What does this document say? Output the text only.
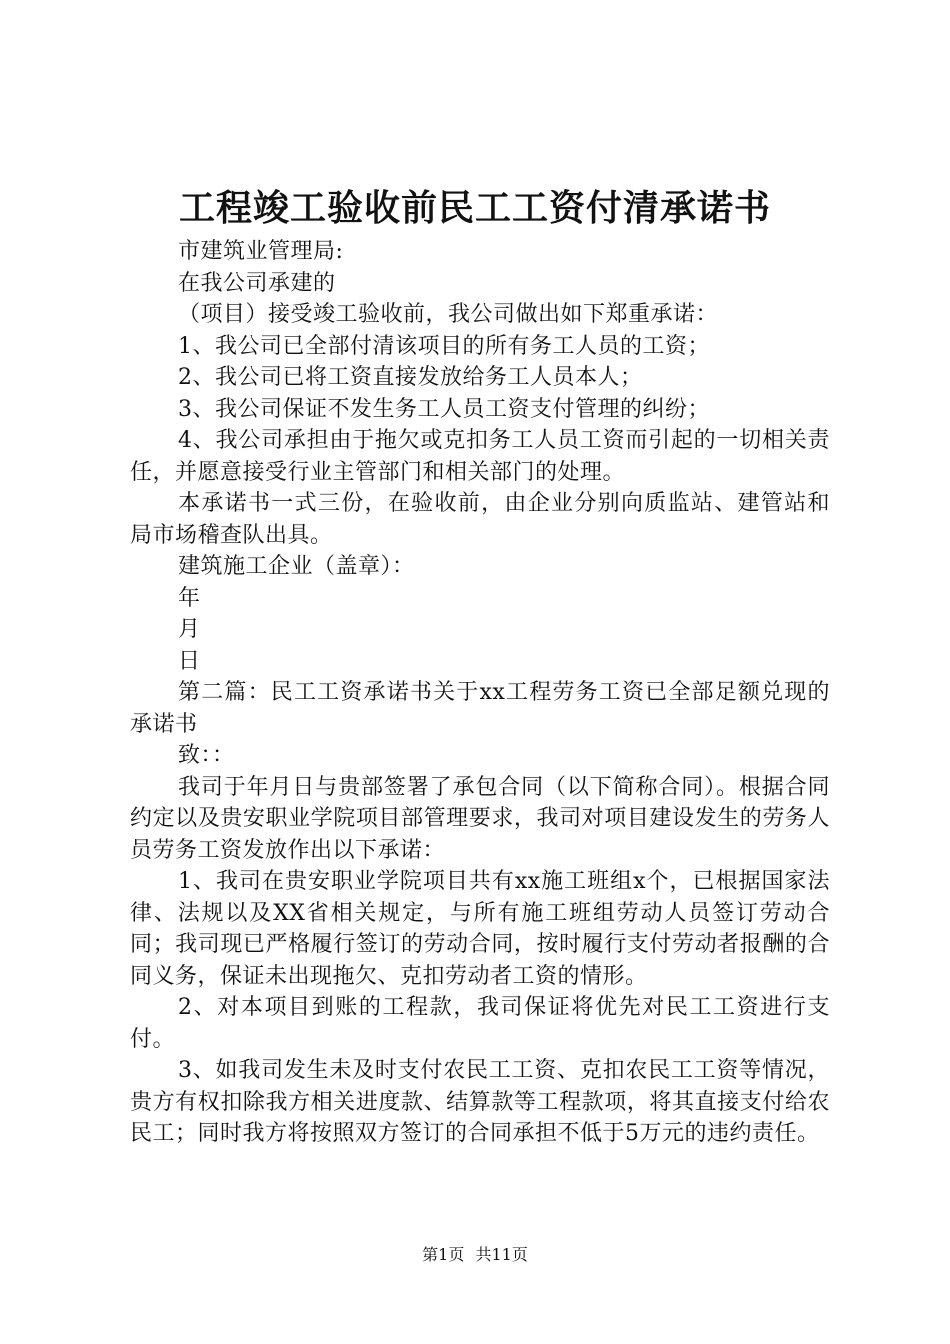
工程竣工验收前民工工资付清承诺书

市建筑业管理局:

在我公司承建的

（项目）接受竣工验收前，我公司做出如下郑重承诺：

1、我公司已全部付清该项目的所有务工人员的工资；

2、我公司已将工资直接发放给务工人员本人；

3、我公司保证不发生务工人员工资支付管理的纠纷；

4、我公司承担由于拖欠或克扣务工人员工资而引起的一切相关责任，并愿意接受行业主管部门和相关部门的处理。

本承诺书一式三份，在验收前，由企业分别向质监站、建管站和局市场稽查队出具。

建筑施工企业（盖章）：

年

月

日

第二篇：民工工资承诺书关于xx工程劳务工资已全部足额兑现的承诺书

致：：

我司于年月日与贵部签署了承包合同（以下简称合同）。根据合同约定以及贵安职业学院项目部管理要求，我司对项目建设发生的劳务人员劳务工资发放作出以下承诺：

1、我司在贵安职业学院项目共有xx施工班组x个，已根据国家法律、法规以及XX省相关规定，与所有施工班组劳动人员签订劳动合同；我司现已严格履行签订的劳动合同，按时履行支付劳动者报酬的合同义务，保证未出现拖欠、克扣劳动者工资的情形。

2、对本项目到账的工程款，我司保证将优先对民工工资进行支付。

3、如我司发生未及时支付农民工工资、克扣农民工工资等情况，贵方有权扣除我方相关进度款、结算款等工程款项，将其直接支付给农民工；同时我方将按照双方签订的合同承担不低于5万元的违约责任。

第1页 共11页
